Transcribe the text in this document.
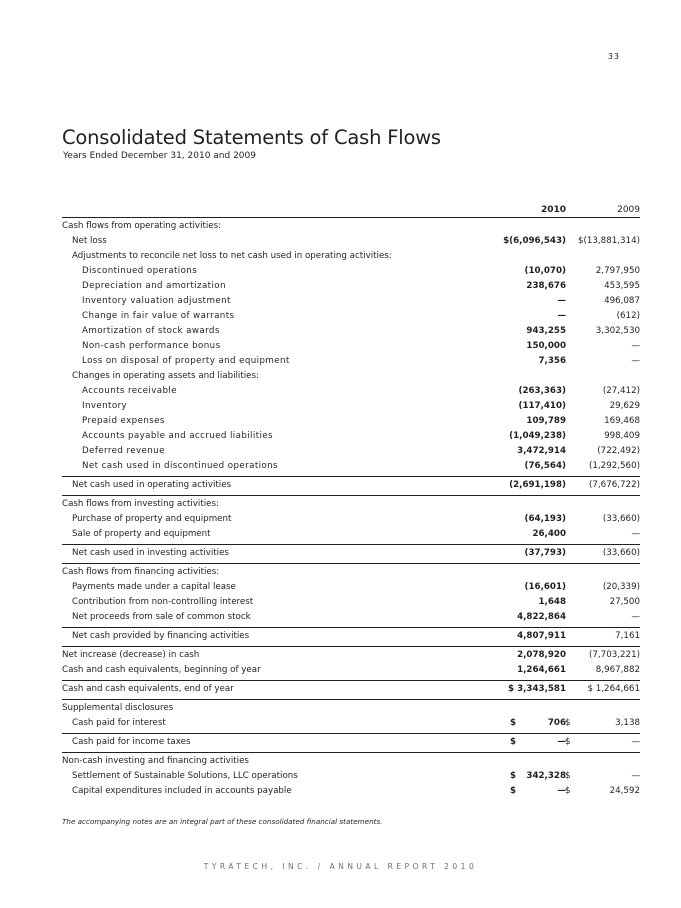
33
Consolidated Statements of Cash Flows
Years Ended December 31, 2010 and 2009
2010	2009
Cash flows from operating activities:
Net loss	$(6,096,543) $(13,881,314)
Adjustments to reconcile net loss to net cash used in operating activities:
Discontinued operations	(10,070)	2,797,950
Depreciation and amortization	238,676	453,595
Inventory valuation adjustment	—	496,087
Change in fair value of warrants	—	(612)
Amortization of stock awards	943,255	3,302,530
Non-cash performance bonus	150,000	—
Loss on disposal of property and equipment	7,356	—
Changes in operating assets and liabilities:
Accounts receivable	(263,363)	(27,412)
Inventory	(117,410)	29,629
Prepaid expenses	109,789	169,468
Accounts payable and accrued liabilities	(1,049,238)	998,409
Deferred revenue	3,472,914	(722,492)
Net cash used in discontinued operations	(76,564)	(1,292,560)
Net cash used in operating activities	(2,691,198)	(7,676,722)
Cash flows from investing activities:
Purchase of property and equipment	(64,193)	(33,660)
Sale of property and equipment	26,400	—
Net cash used in investing activities	(37,793)	(33,660)
Cash flows from financing activities:
Payments made under a capital lease	(16,601)	(20,339)
Contribution from non-controlling interest	1,648	27,500
Net proceeds from sale of common stock	4,822,864	—
Net cash provided by financing activities	4,807,911	7,161
Net increase (decrease) in cash	2,078,920	(7,703,221)
Cash and cash equivalents, beginning of year	1,264,661	8,967,882
Cash and cash equivalents, end of year	$ 3,343,581 $ 1,264,661
Supplemental disclosures
Cash paid for interest	$	706 $	3,138
Cash paid for income taxes	$	— $	—
Non-cash investing and financing activities
Settlement of Sustainable Solutions, LLC operations	$ 342,328 $	—
Capital expenditures included in accounts payable	$	— $	24,592
The accompanying notes are an integral part of these consolidated financial statements.
TYRATECH, INC. / ANNUAL REPORT 2010
